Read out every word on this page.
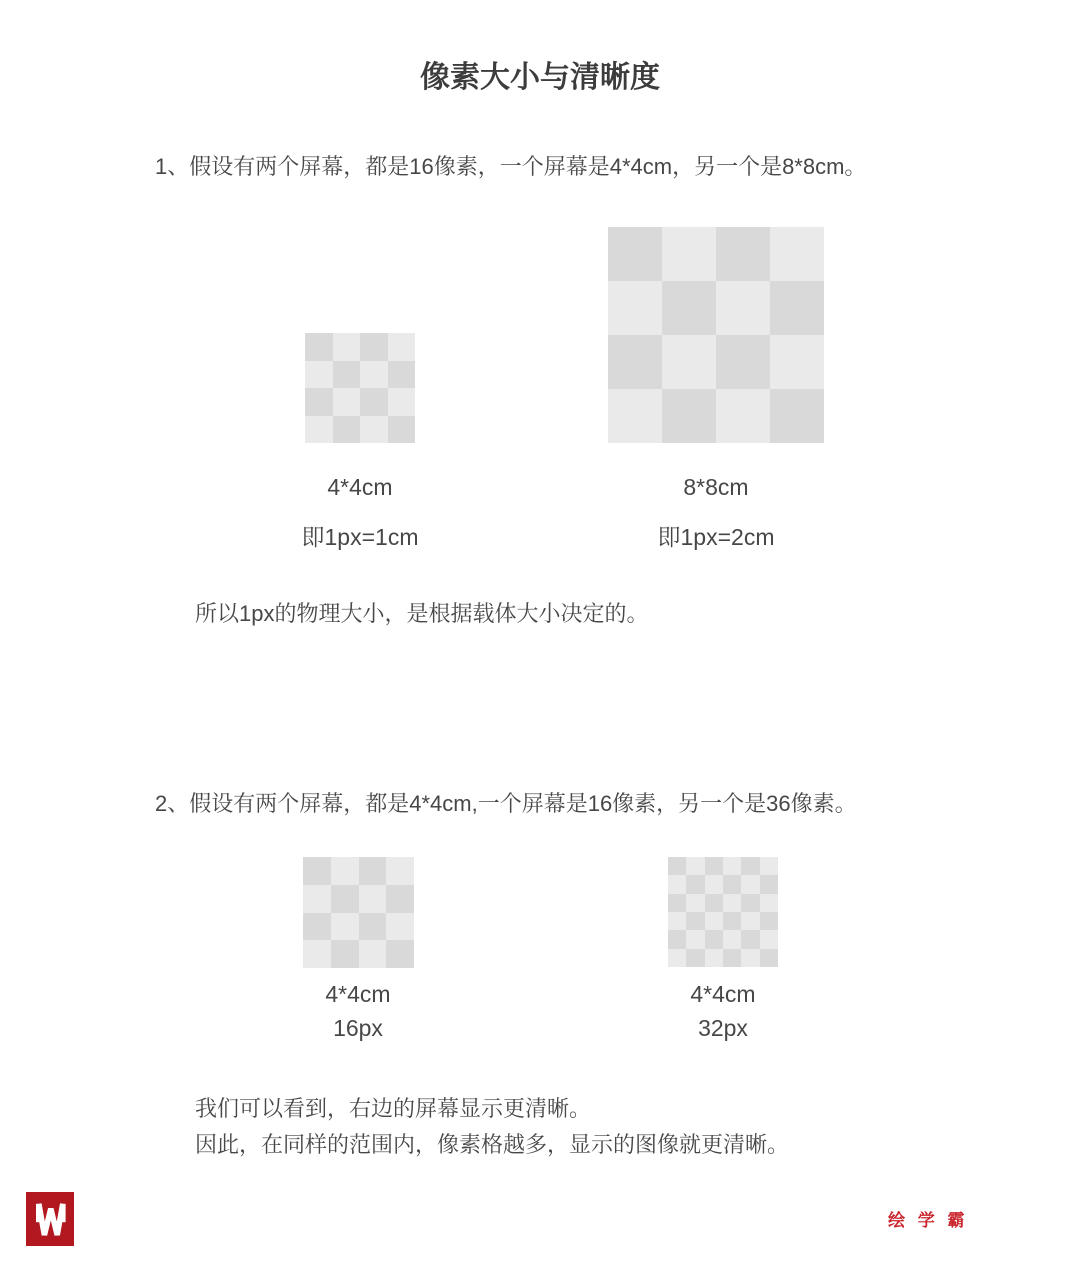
像素大小与清晰度

1、假设有两个屏幕，都是16像素，一个屏幕是4*4cm，另一个是8*8cm。

4*4cm
即1px=1cm
8*8cm
即1px=2cm

所以1px的物理大小，是根据载体大小决定的。

2、假设有两个屏幕，都是4*4cm,一个屏幕是16像素，另一个是36像素。

4*4cm
16px
4*4cm
32px

我们可以看到，右边的屏幕显示更清晰。

因此，在同样的范围内，像素格越多，显示的图像就更清晰。

绘 学 霸
